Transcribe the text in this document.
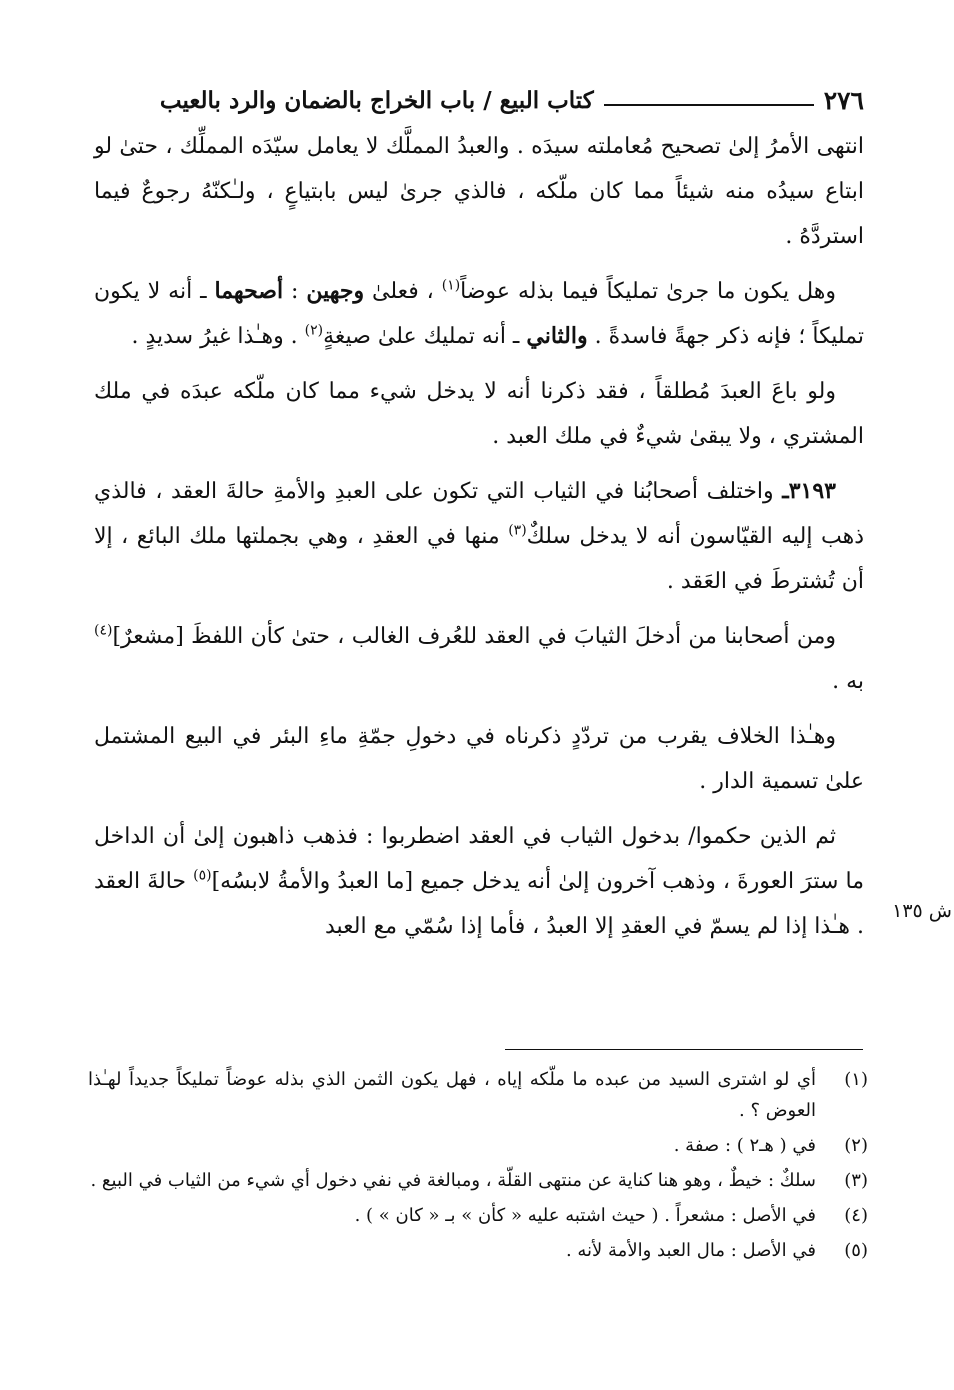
٢٧٦
كتاب البيع / باب الخراج بالضمان والرد بالعيب
ش ١٣٥

انتهى الأمرُ إلىٰ تصحيح مُعاملته سيدَه . والعبدُ المملَّك لا يعامل سيّدَه المملِّك ، حتىٰ لو ابتاع سيدُه منه شيئاً مما كان ملّكه ، فالذي جرىٰ ليس بابتياعٍ ، ولـٰكنّهُ رجوعٌ فيما استردَّهُ .

وهل يكون ما جرىٰ تمليكاً فيما بذله عوضاً$^{(١)}$ ، فعلىٰ وجهين : أصحهما ـ أنه لا يكون تمليكاً ؛ فإنه ذكر جهةً فاسدةً . والثاني ـ أنه تمليك علىٰ صيغةٍ$^{(٢)}$ . وهـٰذا غيرُ سديدٍ .

ولو باعَ العبدَ مُطلقاً ، فقد ذكرنا أنه لا يدخل شيء مما كان ملّكه عبدَه في ملك المشتري ، ولا يبقىٰ شيءٌ في ملك العبد .

٣١٩٣ـ واختلف أصحابُنا في الثياب التي تكون على العبدِ والأمةِ حالةَ العقد ، فالذي ذهب إليه القيّاسون أنه لا يدخل سلكٌ$^{(٣)}$ منها في العقدِ ، وهي بجملتها ملك البائع ، إلا أن تُشترطَ في العَقد .

ومن أصحابنا من أدخلَ الثيابَ في العقد للعُرف الغالب ، حتىٰ كأن اللفظَ [مشعرٌ]$^{(٤)}$ به .

وهـٰذا الخلاف يقرب من تردّدٍ ذكرناه في دخولِ جمّةِ ماءِ البئر في البيع المشتمل علىٰ تسمية الدار .

ثم الذين حكموا/ بدخول الثياب في العقد اضطربوا : فذهب ذاهبون إلىٰ أن الداخل ما سترَ العورةَ ، وذهب آخرون إلىٰ أنه يدخل جميع [ما العبدُ والأمةُ لابسُه]$^{(٥)}$ حالةَ العقد . هـٰذا إذا لم يسمّ في العقدِ إلا العبدُ ، فأما إذا سُمّي مع العبد

(١)
أي لو اشترى السيد من عبده ما ملّكه إياه ، فهل يكون الثمن الذي بذله عوضاً تمليكاً جديداً لهـٰذا العوض ؟ .
(٢)
في ( هـ٢ ) : صفة .
(٣)
سلكٌ : خيطٌ ، وهو هنا كناية عن منتهى القلّة ، ومبالغة في نفي دخول أي شيء من الثياب في البيع .
(٤)
في الأصل : مشعراً . ( حيث اشتبه عليه « كأن » بـ « كان » ) .
(٥)
في الأصل : مال العبد والأمة لأنه .
